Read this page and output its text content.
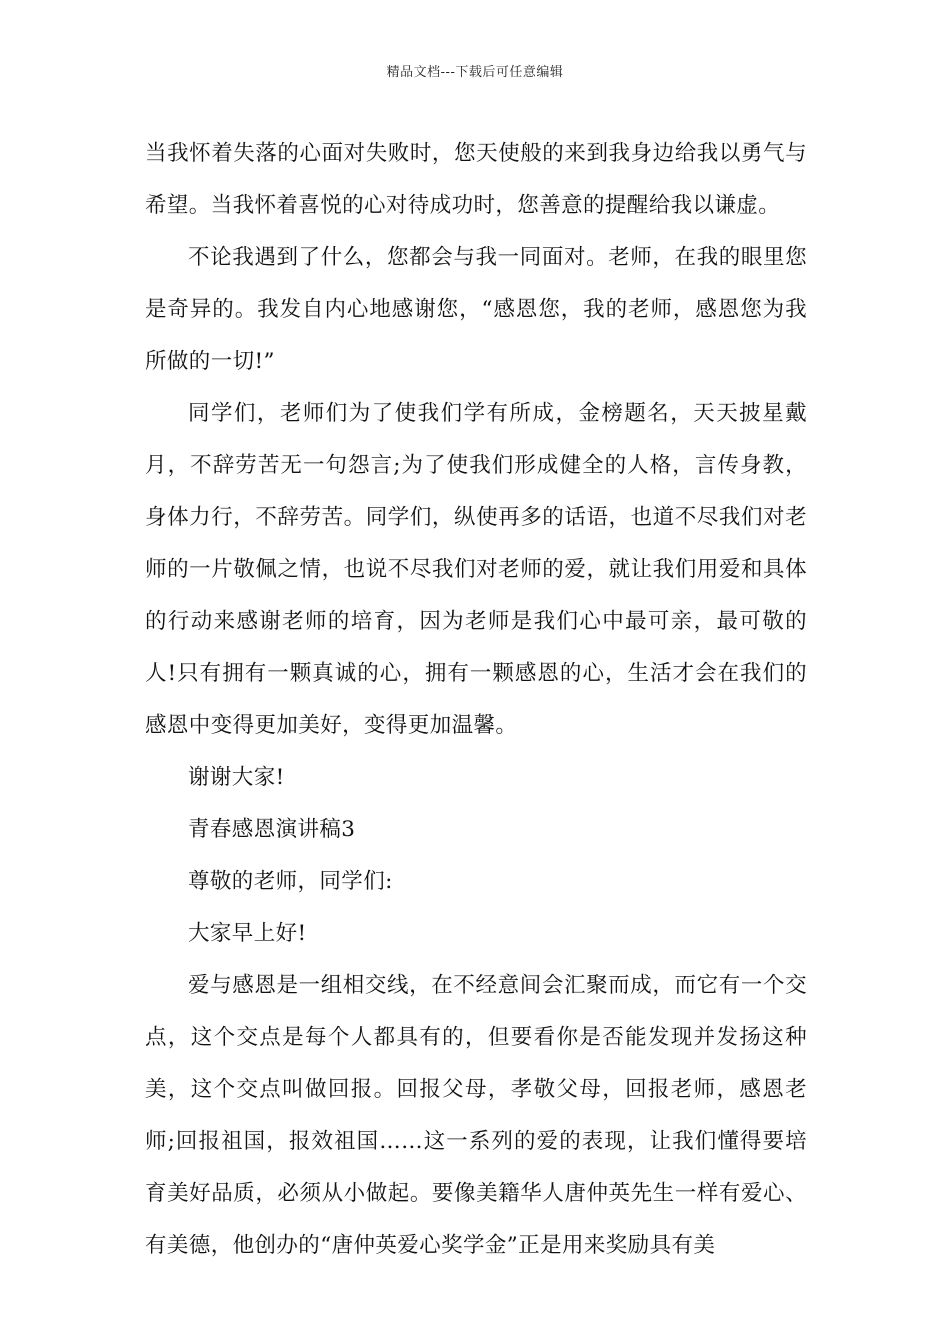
精品文档---下载后可任意编辑

当我怀着失落的心面对失败时，您天使般的来到我身边给我以勇气与希望。当我怀着喜悦的心对待成功时，您善意的提醒给我以谦虚。

不论我遇到了什么，您都会与我一同面对。老师，在我的眼里您是奇异的。我发自内心地感谢您，“感恩您，我的老师，感恩您为我所做的一切!”

同学们，老师们为了使我们学有所成，金榜题名，天天披星戴月，不辞劳苦无一句怨言;为了使我们形成健全的人格，言传身教，身体力行，不辞劳苦。同学们，纵使再多的话语，也道不尽我们对老师的一片敬佩之情，也说不尽我们对老师的爱，就让我们用爱和具体的行动来感谢老师的培育，因为老师是我们心中最可亲，最可敬的人!只有拥有一颗真诚的心，拥有一颗感恩的心，生活才会在我们的感恩中变得更加美好，变得更加温馨。

谢谢大家!

青春感恩演讲稿3

尊敬的老师，同学们:

大家早上好!

爱与感恩是一组相交线，在不经意间会汇聚而成，而它有一个交点，这个交点是每个人都具有的，但要看你是否能发现并发扬这种美，这个交点叫做回报。回报父母，孝敬父母，回报老师，感恩老师;回报祖国，报效祖国……这一系列的爱的表现，让我们懂得要培育美好品质，必须从小做起。要像美籍华人唐仲英先生一样有爱心、有美德，他创办的“唐仲英爱心奖学金”正是用来奖励具有美
